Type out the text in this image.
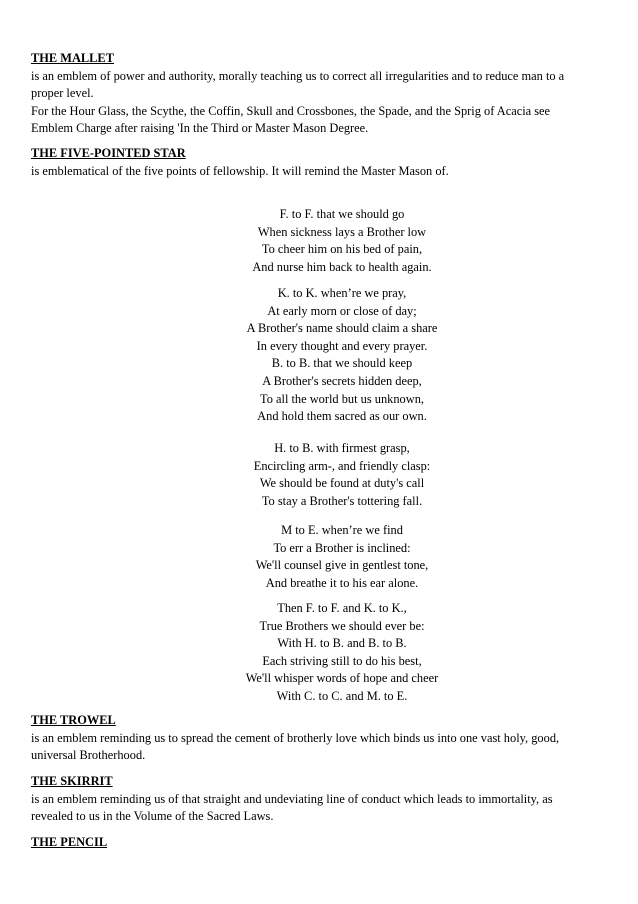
THE MALLET
is an emblem of power and authority, morally teaching us to correct all irregularities and to reduce man to a
proper level.
For the Hour Glass, the Scythe, the Coffin, Skull and Crossbones, the Spade, and the Sprig of Acacia see
Emblem Charge after raising 'In the Third or Master Mason Degree.
THE FIVE-POINTED STAR
is emblematical of the five points of fellowship. It will remind the Master Mason of.
F. to F. that we should go
When sickness lays a Brother low
To cheer him on his bed of pain,
And nurse him back to health again.
K. to K. when’re we pray,
At early morn or close of day;
A Brother's name should claim a share
In every thought and every prayer.
B. to B. that we should keep
A Brother's secrets hidden deep,
To all the world but us unknown,
And hold them sacred as our own.
H. to B. with firmest grasp,
Encircling arm-, and friendly clasp:
We should be found at duty's call
To stay a Brother's tottering fall.
M to E. when’re we find
To err a Brother is inclined:
We'll counsel give in gentlest tone,
And breathe it to his ear alone.
Then F. to F. and K. to K.,
True Brothers we should ever be:
With H. to B. and B. to B.
Each striving still to do his best,
We'll whisper words of hope and cheer
With C. to C. and M. to E.
THE TROWEL
is an emblem reminding us to spread the cement of brotherly love which binds us into one vast holy, good,
universal Brotherhood.
THE SKIRRIT
is an emblem reminding us of that straight and undeviating line of conduct which leads to immortality, as
revealed to us in the Volume of the Sacred Laws.
THE PENCIL
